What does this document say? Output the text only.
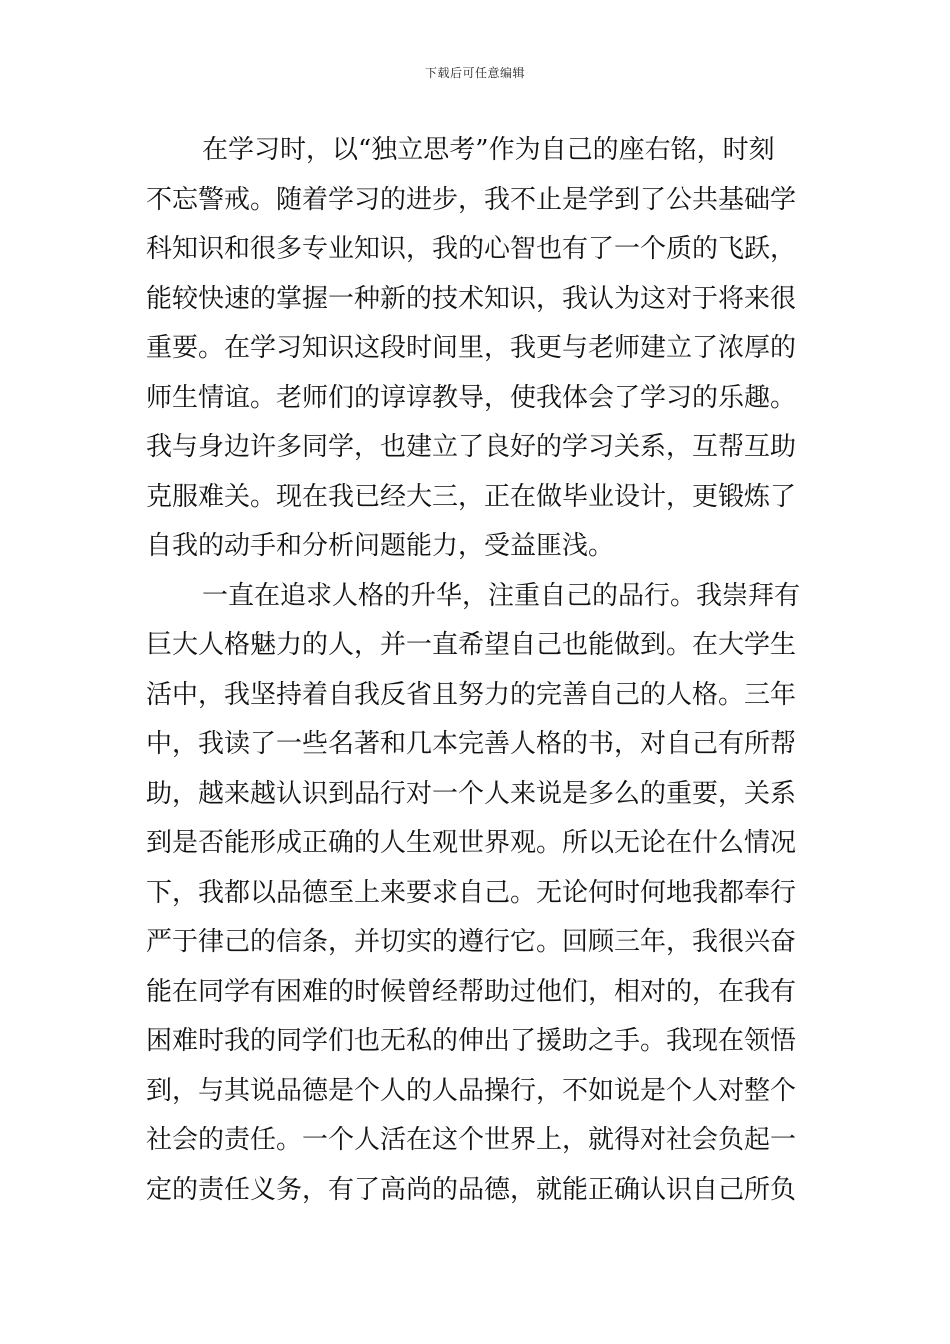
下载后可任意编辑
在学习时，以“独立思考”作为自己的座右铭，时刻
不忘警戒。随着学习的进步，我不止是学到了公共基础学
科知识和很多专业知识，我的心智也有了一个质的飞跃，
能较快速的掌握一种新的技术知识，我认为这对于将来很
重要。在学习知识这段时间里，我更与老师建立了浓厚的
师生情谊。老师们的谆谆教导，使我体会了学习的乐趣。
我与身边许多同学，也建立了良好的学习关系，互帮互助
克服难关。现在我已经大三，正在做毕业设计，更锻炼了
自我的动手和分析问题能力，受益匪浅。
一直在追求人格的升华，注重自己的品行。我崇拜有
巨大人格魅力的人，并一直希望自己也能做到。在大学生
活中，我坚持着自我反省且努力的完善自己的人格。三年
中，我读了一些名著和几本完善人格的书，对自己有所帮
助，越来越认识到品行对一个人来说是多么的重要，关系
到是否能形成正确的人生观世界观。所以无论在什么情况
下，我都以品德至上来要求自己。无论何时何地我都奉行
严于律己的信条，并切实的遵行它。回顾三年，我很兴奋
能在同学有困难的时候曾经帮助过他们，相对的，在我有
困难时我的同学们也无私的伸出了援助之手。我现在领悟
到，与其说品德是个人的人品操行，不如说是个人对整个
社会的责任。一个人活在这个世界上，就得对社会负起一
定的责任义务，有了高尚的品德，就能正确认识自己所负
